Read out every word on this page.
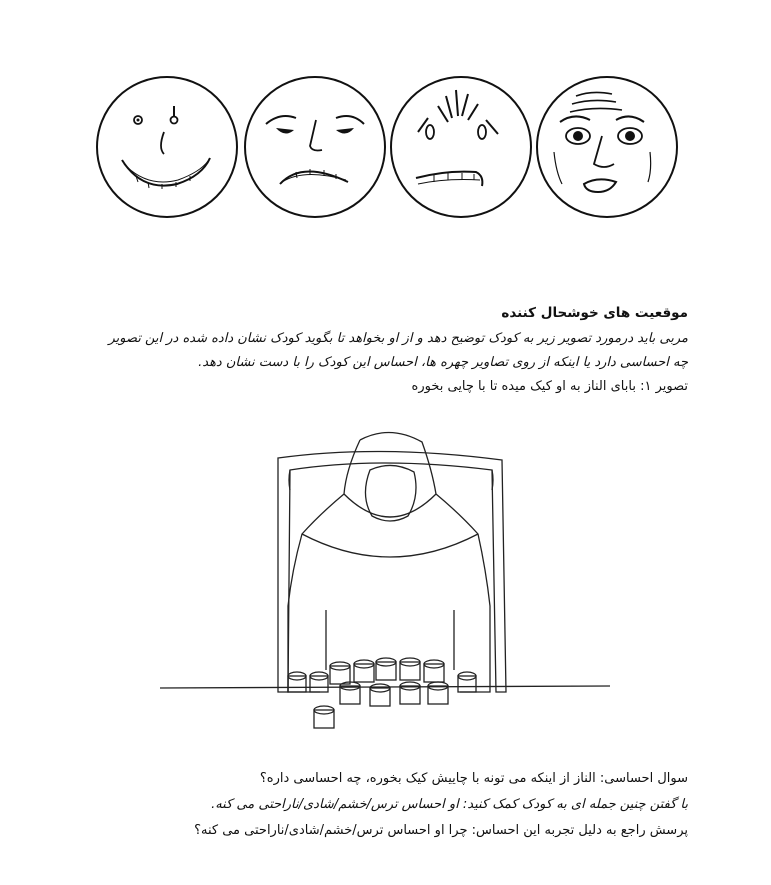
موقعیت های خوشحال کننده
مربی باید درمورد تصویر زیر به کودک توضیح دهد و از او بخواهد تا بگوید کودک نشان داده شده در این تصویر
چه احساسی دارد یا اینکه از روی تصاویر چهره ها، احساس این کودک را با دست نشان دهد.
تصویر ۱: بابای الناز به او کیک میده تا با چایی بخوره
سوال احساسی: الناز از اینکه می تونه با چاییش کیک بخوره، چه احساسی داره؟
با گفتن چنین جمله ای به کودک کمک کنید: او احساس ترس/خشم/شادی/ناراحتی می کنه.
پرسش راجع به دلیل تجربه این احساس: چرا او احساس ترس/خشم/شادی/ناراحتی می کنه؟
